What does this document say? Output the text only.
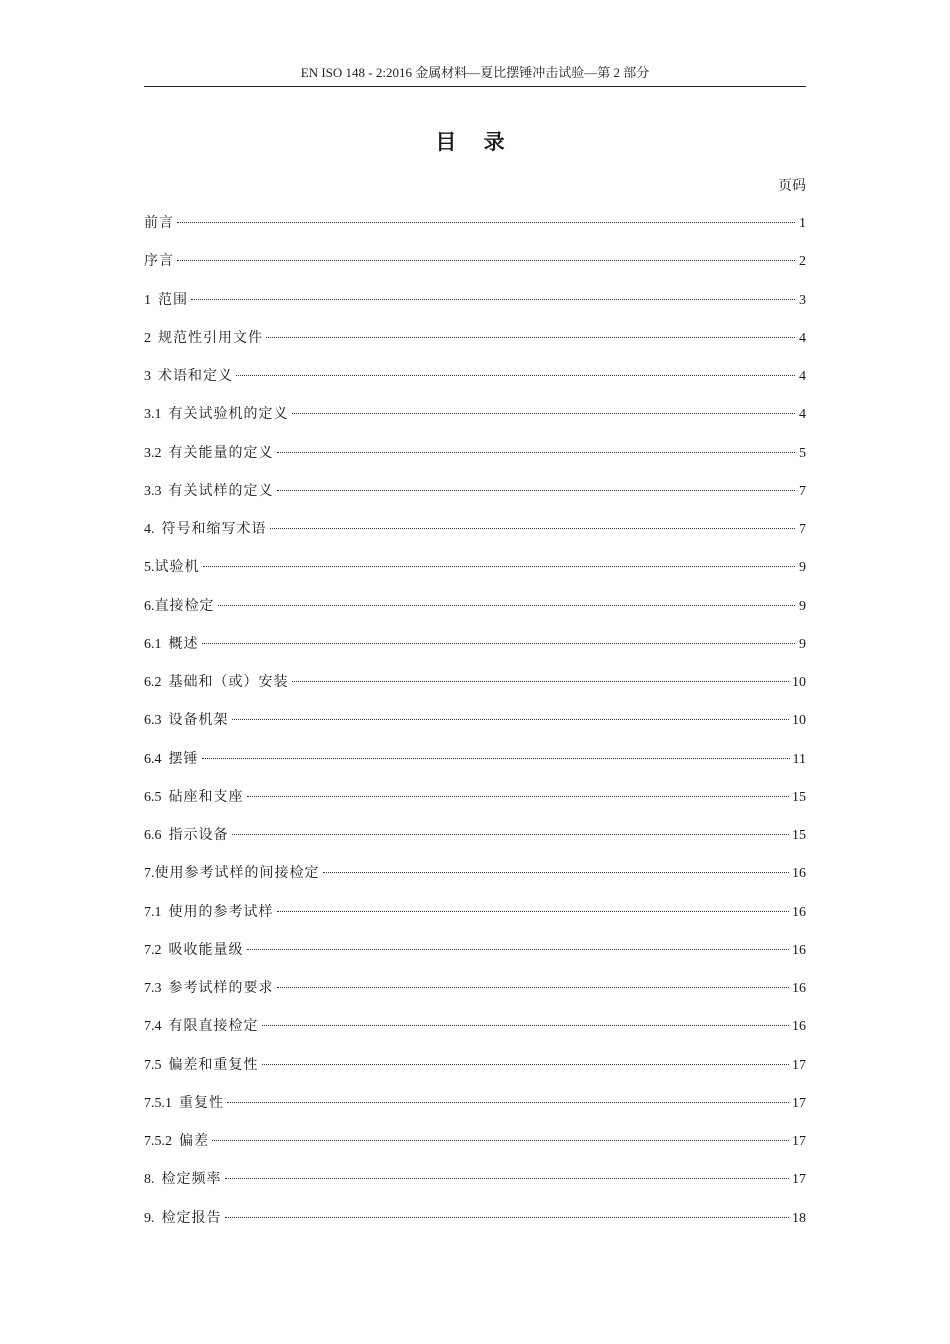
EN ISO 148 - 2:2016 金属材料—夏比摆锤冲击试验—第 2 部分
目 录
页码
前言	1
序言	2
1 范围	3
2 规范性引用文件	4
3 术语和定义	4
3.1 有关试验机的定义	4
3.2 有关能量的定义	5
3.3 有关试样的定义	7
4. 符号和缩写术语	7
5. 试验机	9
6. 直接检定	9
6.1 概述	9
6.2 基础和（或）安装	10
6.3 设备机架	10
6.4 摆锤	11
6.5 砧座和支座	15
6.6 指示设备	15
7. 使用参考试样的间接检定	16
7.1 使用的参考试样	16
7.2 吸收能量级	16
7.3 参考试样的要求	16
7.4 有限直接检定	16
7.5 偏差和重复性	17
7.5.1 重复性	17
7.5.2 偏差	17
8. 检定频率	17
9. 检定报告	18
